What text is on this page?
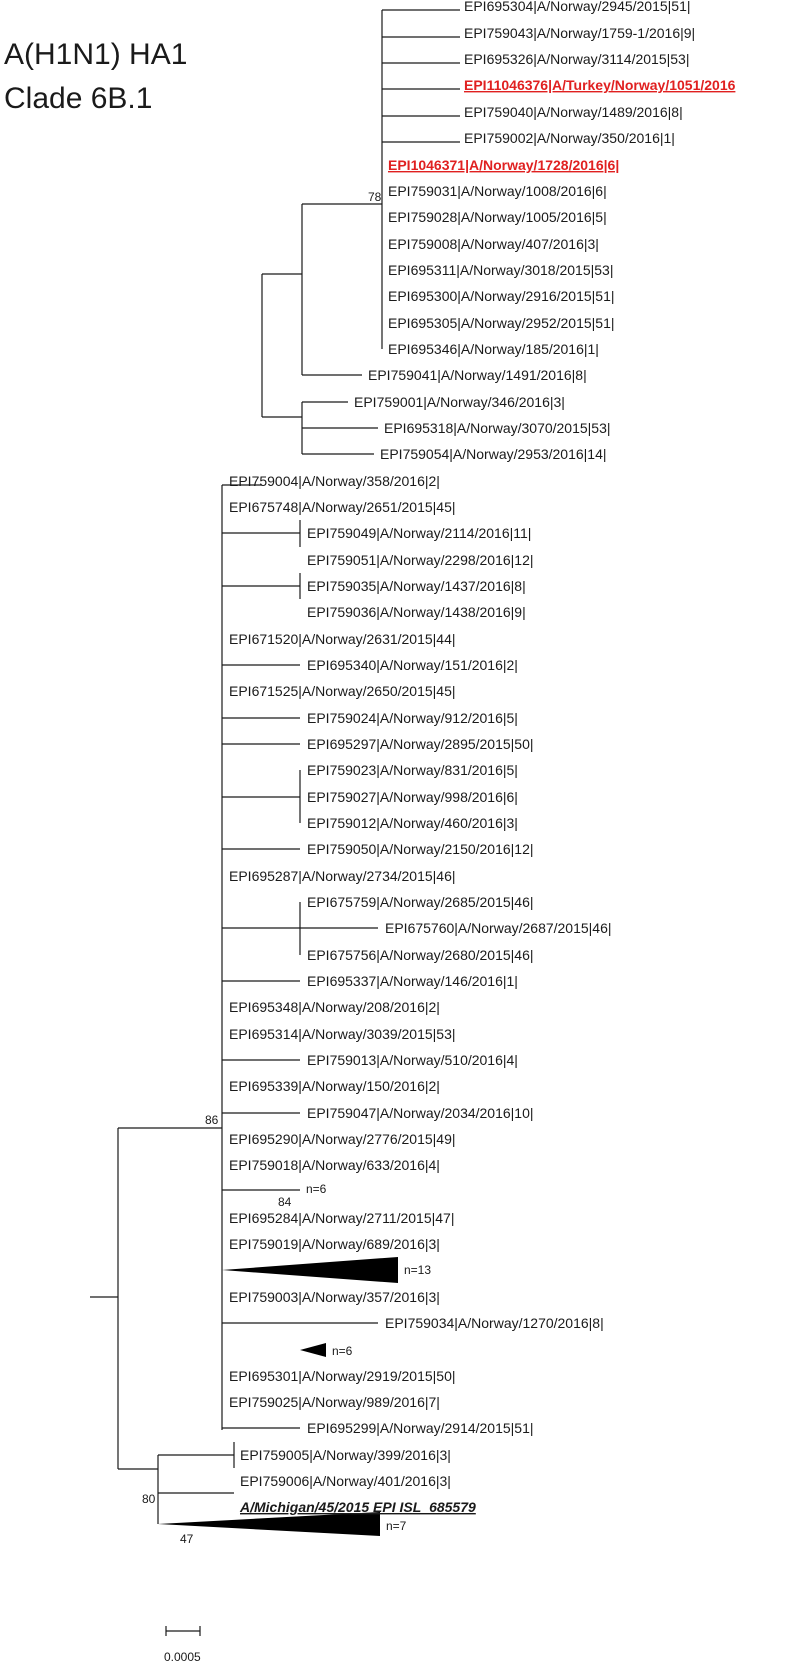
A(H1N1) HA1
Clade 6B.1
n=13
n=6
n=7
n=6
78
86
84
80
47
EPI695304|A/Norway/2945/2015|51|
EPI759043|A/Norway/1759-1/2016|9|
EPI695326|A/Norway/3114/2015|53|
EPI11046376|A/Turkey/Norway/1051/2016
EPI759040|A/Norway/1489/2016|8|
EPI759002|A/Norway/350/2016|1|
EPI1046371|A/Norway/1728/2016|6|
EPI759031|A/Norway/1008/2016|6|
EPI759028|A/Norway/1005/2016|5|
EPI759008|A/Norway/407/2016|3|
EPI695311|A/Norway/3018/2015|53|
EPI695300|A/Norway/2916/2015|51|
EPI695305|A/Norway/2952/2015|51|
EPI695346|A/Norway/185/2016|1|
EPI759041|A/Norway/1491/2016|8|
EPI759001|A/Norway/346/2016|3|
EPI695318|A/Norway/3070/2015|53|
EPI759054|A/Norway/2953/2016|14|
EPI759004|A/Norway/358/2016|2|
EPI675748|A/Norway/2651/2015|45|
EPI759049|A/Norway/2114/2016|11|
EPI759051|A/Norway/2298/2016|12|
EPI759035|A/Norway/1437/2016|8|
EPI759036|A/Norway/1438/2016|9|
EPI671520|A/Norway/2631/2015|44|
EPI695340|A/Norway/151/2016|2|
EPI671525|A/Norway/2650/2015|45|
EPI759024|A/Norway/912/2016|5|
EPI695297|A/Norway/2895/2015|50|
EPI759023|A/Norway/831/2016|5|
EPI759027|A/Norway/998/2016|6|
EPI759012|A/Norway/460/2016|3|
EPI759050|A/Norway/2150/2016|12|
EPI695287|A/Norway/2734/2015|46|
EPI675759|A/Norway/2685/2015|46|
EPI675760|A/Norway/2687/2015|46|
EPI675756|A/Norway/2680/2015|46|
EPI695337|A/Norway/146/2016|1|
EPI695348|A/Norway/208/2016|2|
EPI695314|A/Norway/3039/2015|53|
EPI759013|A/Norway/510/2016|4|
EPI695339|A/Norway/150/2016|2|
EPI759047|A/Norway/2034/2016|10|
EPI695290|A/Norway/2776/2015|49|
EPI759018|A/Norway/633/2016|4|
EPI695284|A/Norway/2711/2015|47|
EPI759019|A/Norway/689/2016|3|
EPI759003|A/Norway/357/2016|3|
EPI759034|A/Norway/1270/2016|8|
EPI695301|A/Norway/2919/2015|50|
EPI759025|A/Norway/989/2016|7|
EPI695299|A/Norway/2914/2015|51|
EPI759005|A/Norway/399/2016|3|
EPI759006|A/Norway/401/2016|3|
A/Michigan/45/2015 EPI ISL_685579
0.0005
